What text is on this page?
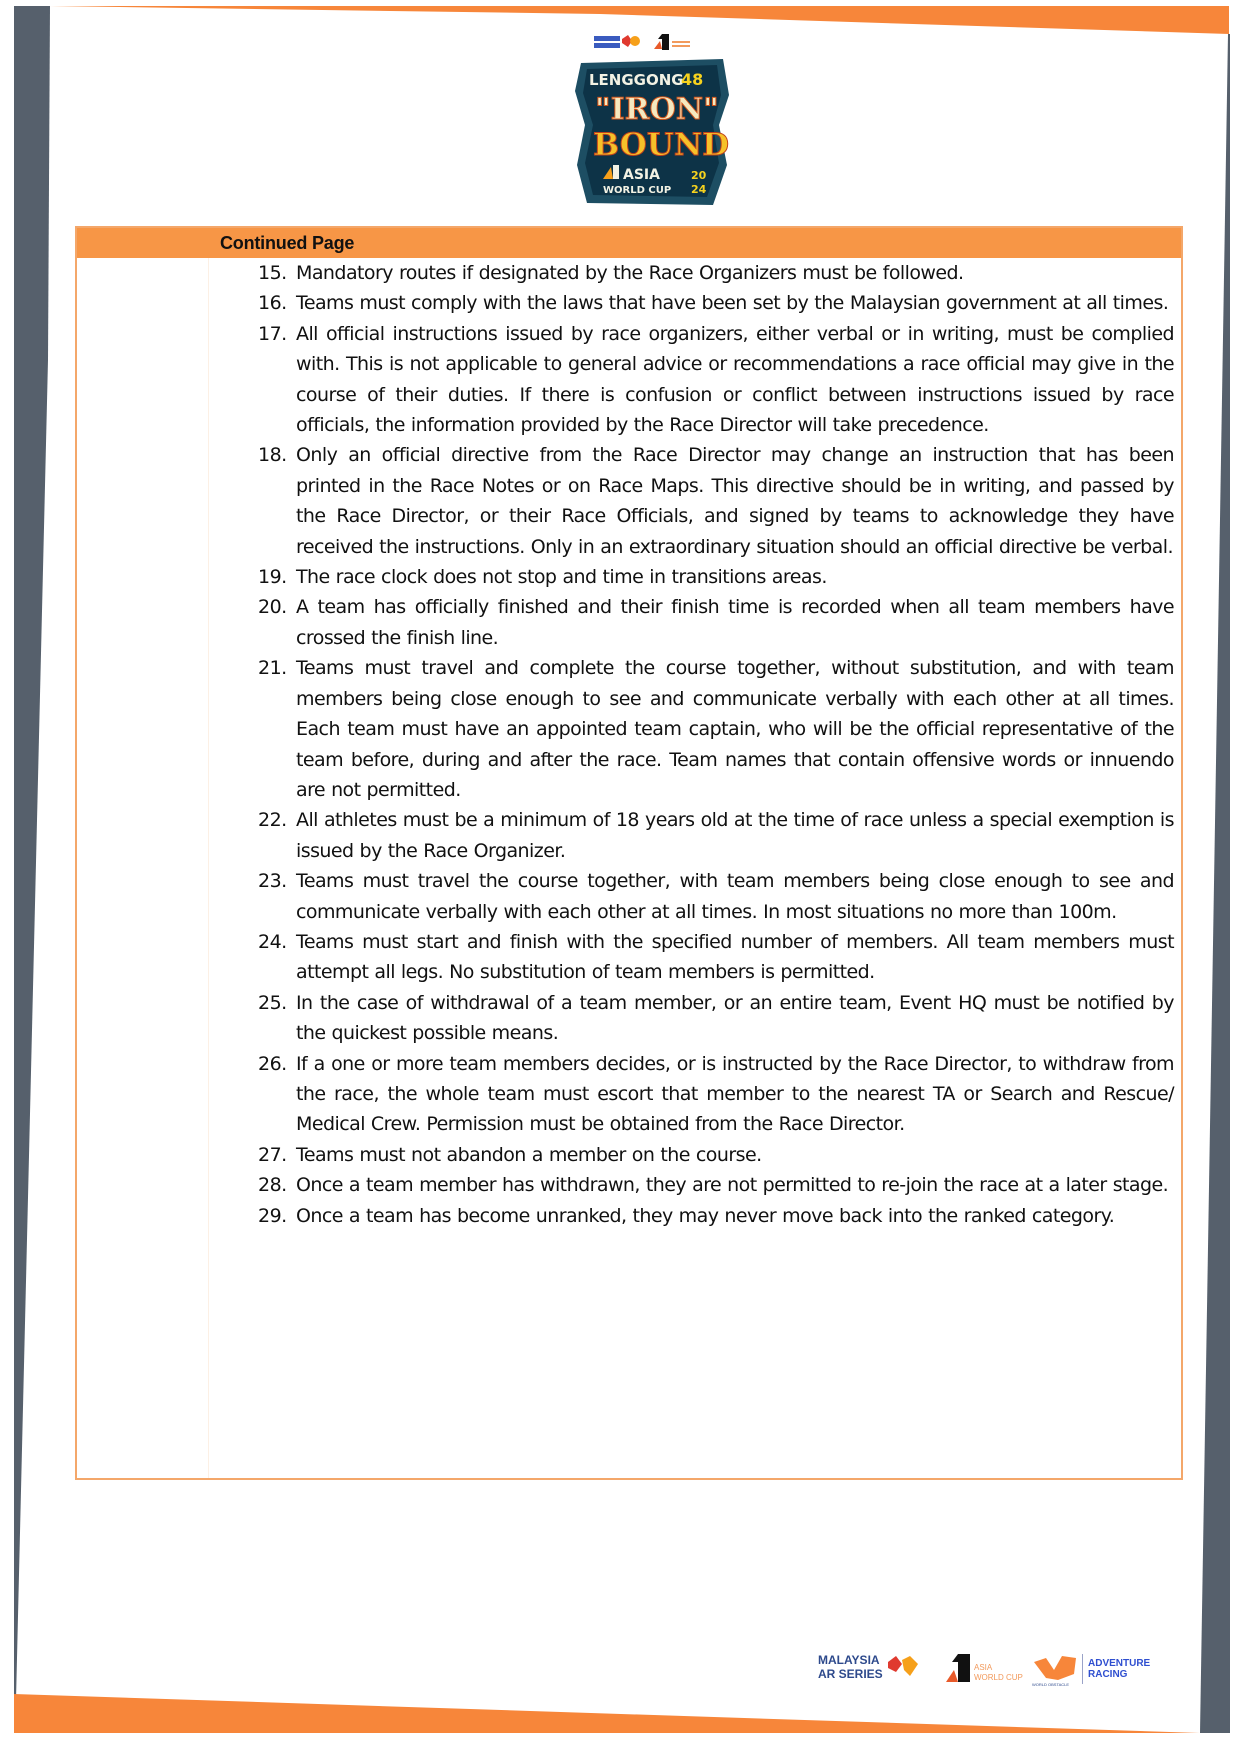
LENGGONG
48
"IRON"
BOUND
ASIA
WORLD CUP
20
24
Continued Page
15. Mandatory routes if designated by the Race Organizers must be followed.
16. Teams must comply with the laws that have been set by the Malaysian government at all times.
17. All official instructions issued by race organizers, either verbal or in writing, must be complied with. This is not applicable to general advice or recommendations a race official may give in the course of their duties. If there is confusion or conflict between instructions issued by race officials, the information provided by the Race Director will take precedence.
18. Only an official directive from the Race Director may change an instruction that has been printed in the Race Notes or on Race Maps. This directive should be in writing, and passed by the Race Director, or their Race Officials, and signed by teams to acknowledge they have received the instructions. Only in an extraordinary situation should an official directive be verbal.
19. The race clock does not stop and time in transitions areas.
20. A team has officially finished and their finish time is recorded when all team members have crossed the finish line.
21. Teams must travel and complete the course together, without substitution, and with team members being close enough to see and communicate verbally with each other at all times. Each team must have an appointed team captain, who will be the official representative of the team before, during and after the race. Team names that contain offensive words or innuendo are not permitted.
22. All athletes must be a minimum of 18 years old at the time of race unless a special exemption is issued by the Race Organizer.
23. Teams must travel the course together, with team members being close enough to see and communicate verbally with each other at all times. In most situations no more than 100m.
24. Teams must start and finish with the specified number of members. All team members must attempt all legs. No substitution of team members is permitted.
25. In the case of withdrawal of a team member, or an entire team, Event HQ must be notified by the quickest possible means.
26. If a one or more team members decides, or is instructed by the Race Director, to withdraw from the race, the whole team must escort that member to the nearest TA or Search and Rescue/ Medical Crew. Permission must be obtained from the Race Director.
27. Teams must not abandon a member on the course.
28. Once a team member has withdrawn, they are not permitted to re-join the race at a later stage.
29. Once a team has become unranked, they may never move back into the ranked category.
MALAYSIA
AR SERIES	ASIA
WORLD CUP
WORLD OBSTACLE
ADVENTURE
RACING
